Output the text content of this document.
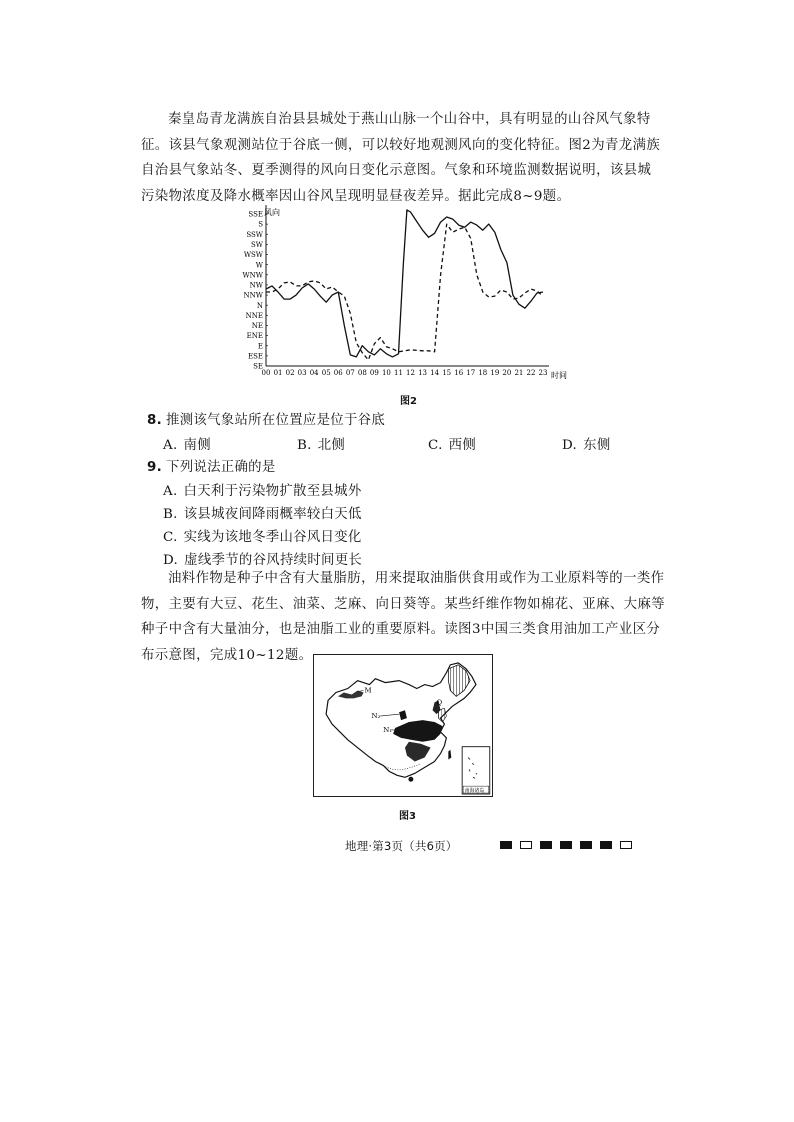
秦皇岛青龙满族自治县县城处于燕山山脉一个山谷中，具有明显的山谷风气象特征。该县气象观测站位于谷底一侧，可以较好地观测风向的变化特征。图2为青龙满族自治县气象站冬、夏季测得的风向日变化示意图。气象和环境监测数据说明，该县城污染物浓度及降水概率因山谷风呈现明显昼夜差异。据此完成8~9题。

SE
ESE
E
ENE
NE
NNE
N
NNW
NW
WNW
W
WSW
SW
SSW
S
SSE
00 01 02 03 04 05 06 07 08 09 10 11 12 13 14 15 16 17 18 19 20 21 22 23
风向
时间
图2
8. 推测该气象站所在位置应是位于谷底
A. 南侧	B. 北侧	C. 西侧	D. 东侧
9. 下列说法正确的是
A. 白天利于污染物扩散至县城外
B. 该县城夜间降雨概率较白天低
C. 实线为该地冬季山谷风日变化
D. 虚线季节的谷风持续时间更长

油料作物是种子中含有大量脂肪，用来提取油脂供食用或作为工业原料等的一类作物，主要有大豆、花生、油菜、芝麻、向日葵等。某些纤维作物如棉花、亚麻、大麻等种子中含有大量油分，也是油脂工业的重要原料。读图3中国三类食用油加工产业区分布示意图，完成10~12题。

M
N₂
N₁
Q
南海诸岛
图3
地理·第3页（共6页）
